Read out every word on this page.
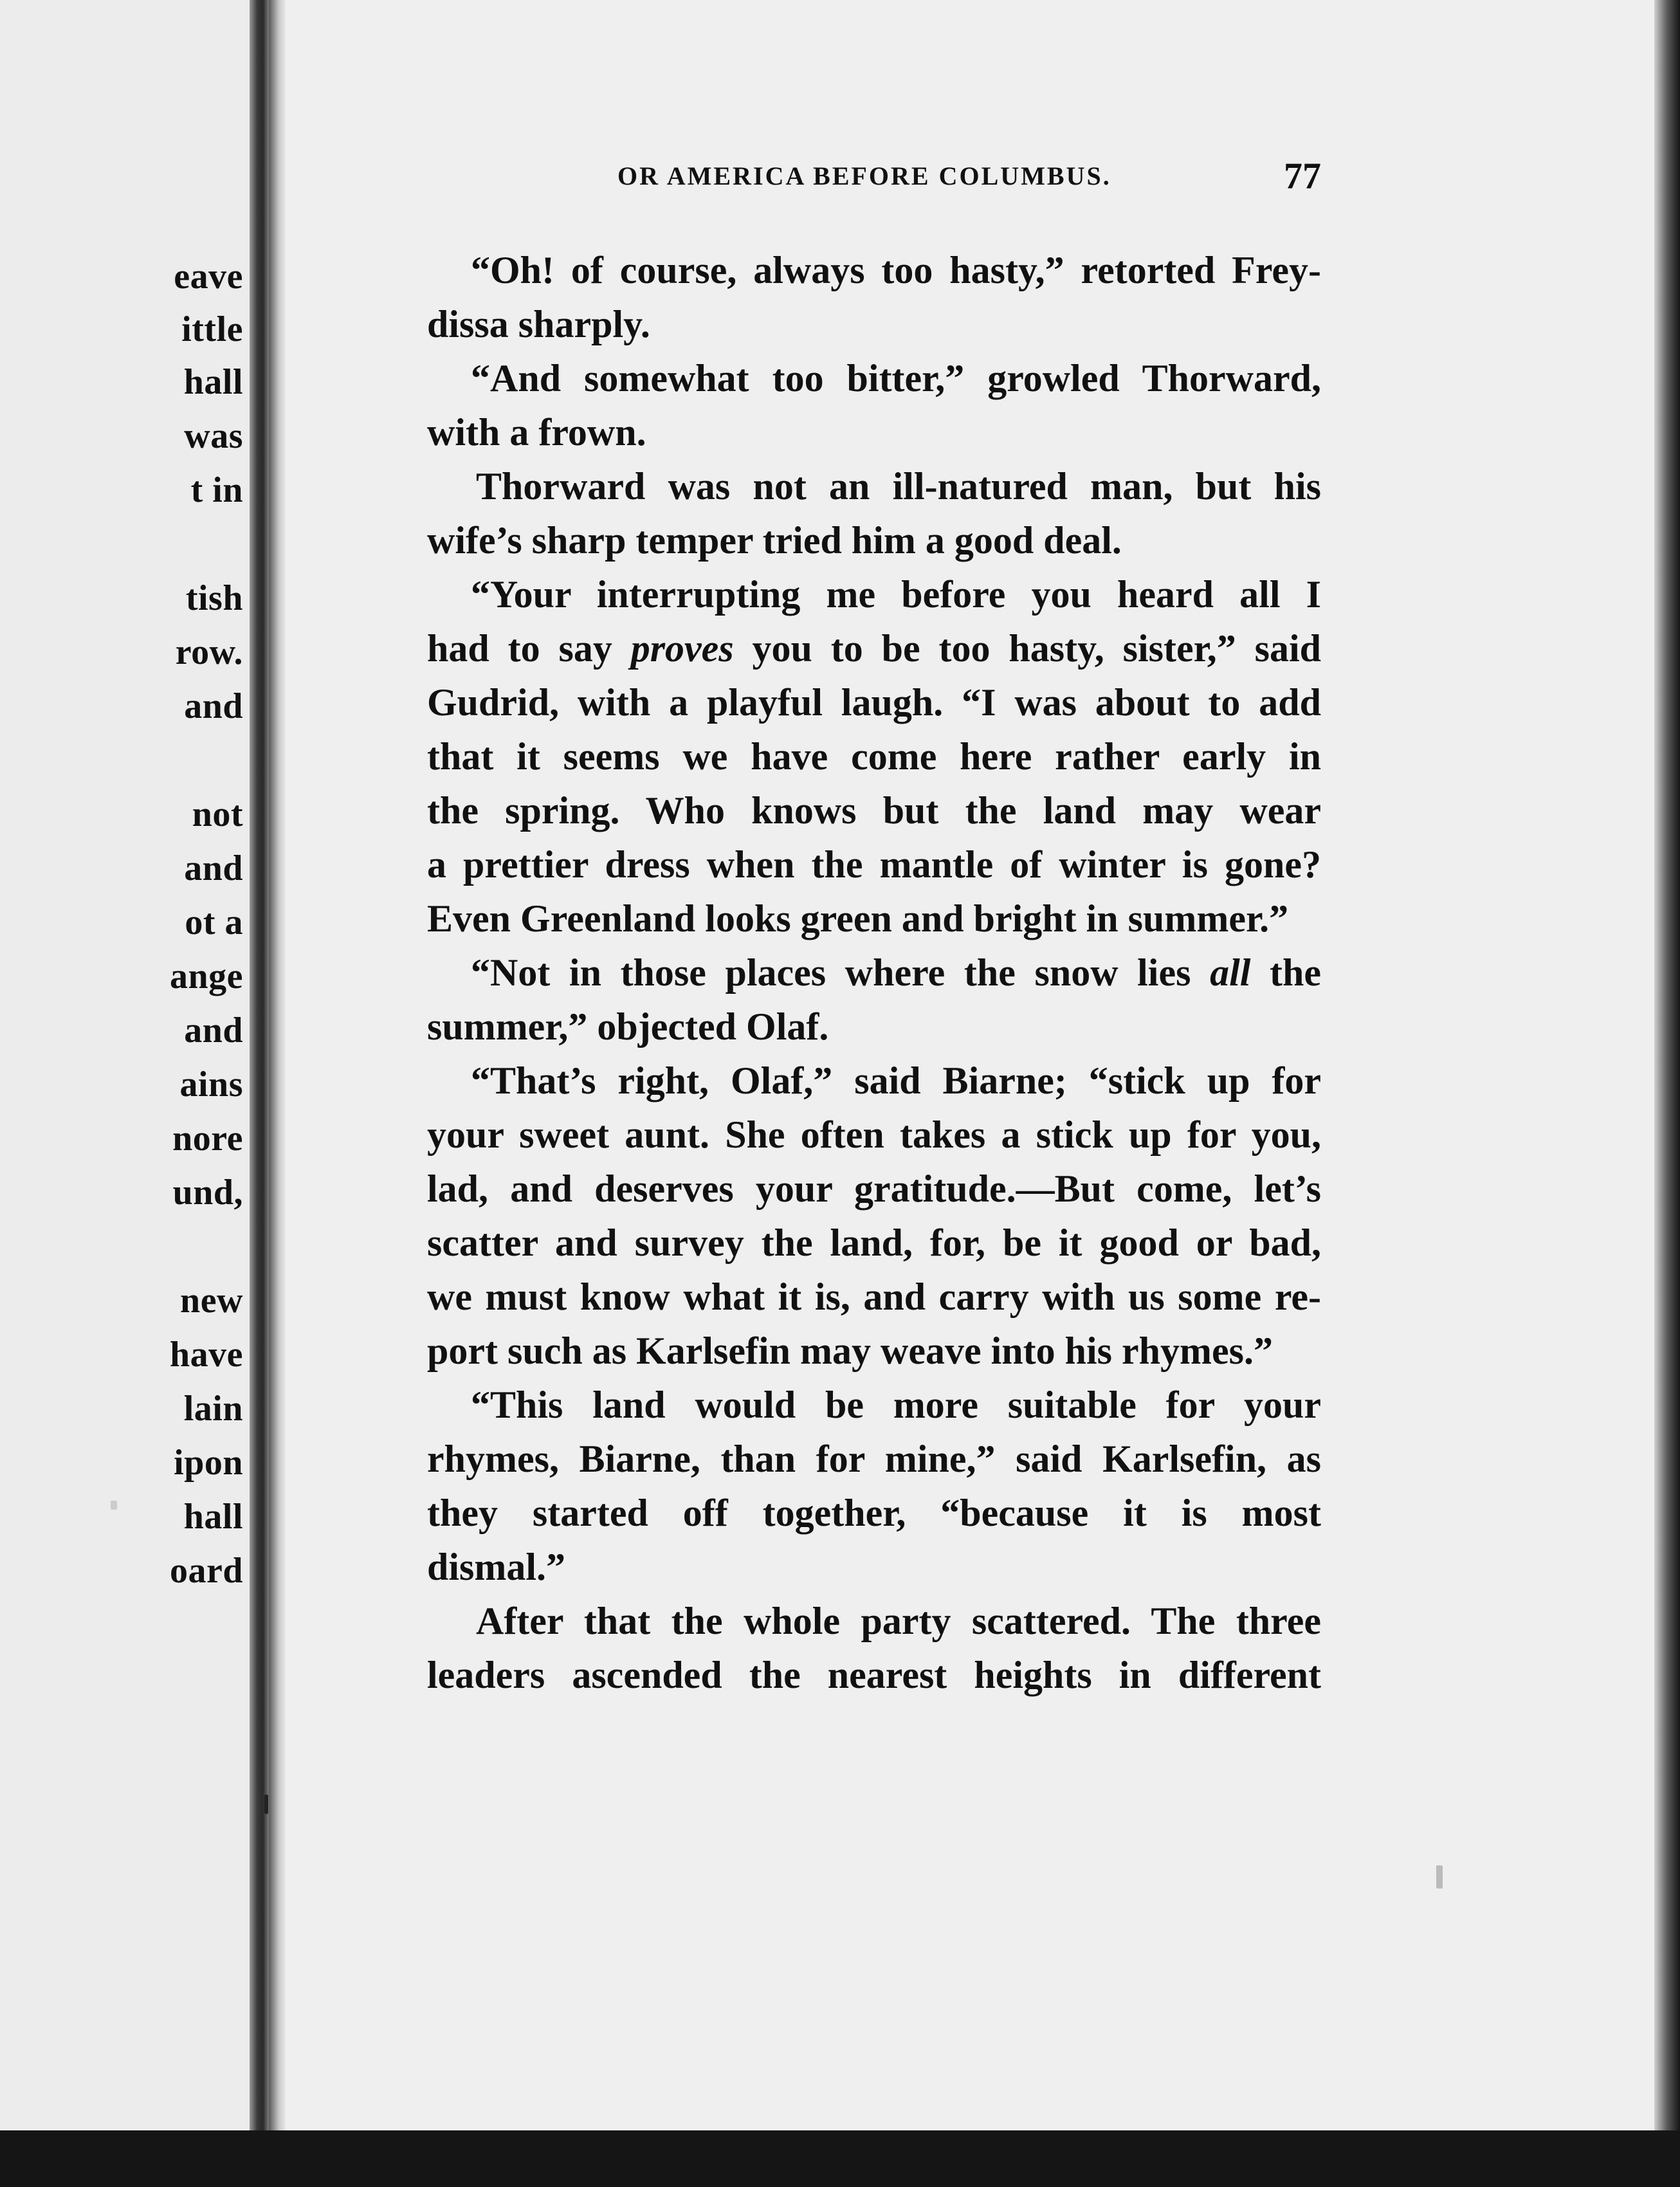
eave
ittle
hall
was
t in
tish
row.
and
not
and
ot a
ange
and
ains
nore
und,
new
have
lain
ipon
hall
oard
OR AMERICA BEFORE COLUMBUS.	77
“Oh! of course, always too hasty,” retorted Frey-
dissa sharply.
“And somewhat too bitter,” growled Thorward,
with a frown.
Thorward was not an ill-natured man, but his
wife’s sharp temper tried him a good deal.
“Your interrupting me before you heard all I
had to say proves you to be too hasty, sister,” said
Gudrid, with a playful laugh. “I was about to add
that it seems we have come here rather early in
the spring. Who knows but the land may wear
a prettier dress when the mantle of winter is gone?
Even Greenland looks green and bright in summer.”
“Not in those places where the snow lies all the
summer,” objected Olaf.
“That’s right, Olaf,” said Biarne; “stick up for
your sweet aunt. She often takes a stick up for you,
lad, and deserves your gratitude.—But come, let’s
scatter and survey the land, for, be it good or bad,
we must know what it is, and carry with us some re-
port such as Karlsefin may weave into his rhymes.”
“This land would be more suitable for your
rhymes, Biarne, than for mine,” said Karlsefin, as
they started off together, “because it is most
dismal.”
After that the whole party scattered. The three
leaders ascended the nearest heights in different
